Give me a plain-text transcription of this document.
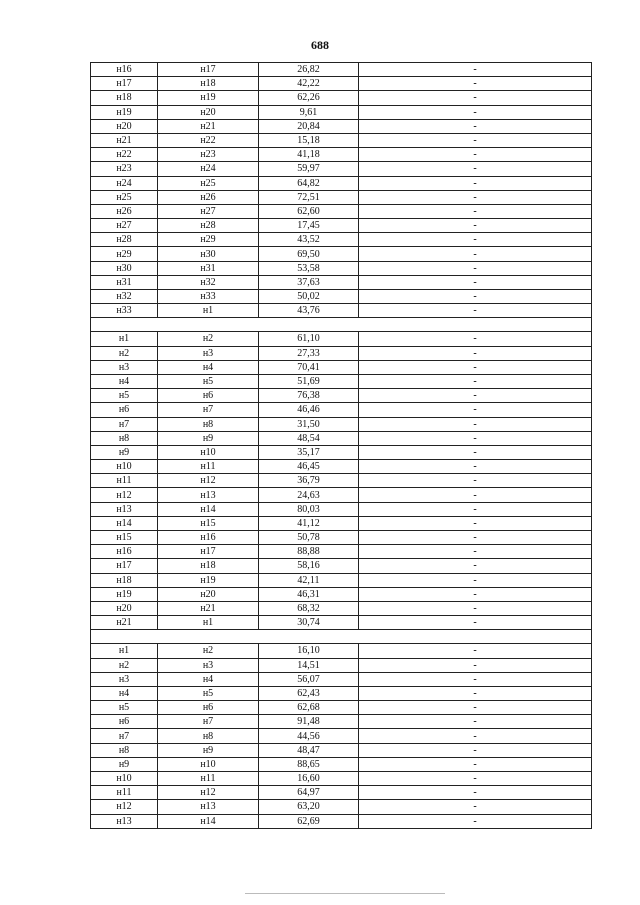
688
н16	н17	26,82	-
н17	н18	42,22	-
н18	н19	62,26	-
н19	н20	9,61	-
н20	н21	20,84	-
н21	н22	15,18	-
н22	н23	41,18	-
н23	н24	59,97	-
н24	н25	64,82	-
н25	н26	72,51	-
н26	н27	62,60	-
н27	н28	17,45	-
н28	н29	43,52	-
н29	н30	69,50	-
н30	н31	53,58	-
н31	н32	37,63	-
н32	н33	50,02	-
н33	н1	43,76	-

н1	н2	61,10	-
н2	н3	27,33	-
н3	н4	70,41	-
н4	н5	51,69	-
н5	н6	76,38	-
н6	н7	46,46	-
н7	н8	31,50	-
н8	н9	48,54	-
н9	н10	35,17	-
н10	н11	46,45	-
н11	н12	36,79	-
н12	н13	24,63	-
н13	н14	80,03	-
н14	н15	41,12	-
н15	н16	50,78	-
н16	н17	88,88	-
н17	н18	58,16	-
н18	н19	42,11	-
н19	н20	46,31	-
н20	н21	68,32	-
н21	н1	30,74	-

н1	н2	16,10	-
н2	н3	14,51	-
н3	н4	56,07	-
н4	н5	62,43	-
н5	н6	62,68	-
н6	н7	91,48	-
н7	н8	44,56	-
н8	н9	48,47	-
н9	н10	88,65	-
н10	н11	16,60	-
н11	н12	64,97	-
н12	н13	63,20	-
н13	н14	62,69	-
